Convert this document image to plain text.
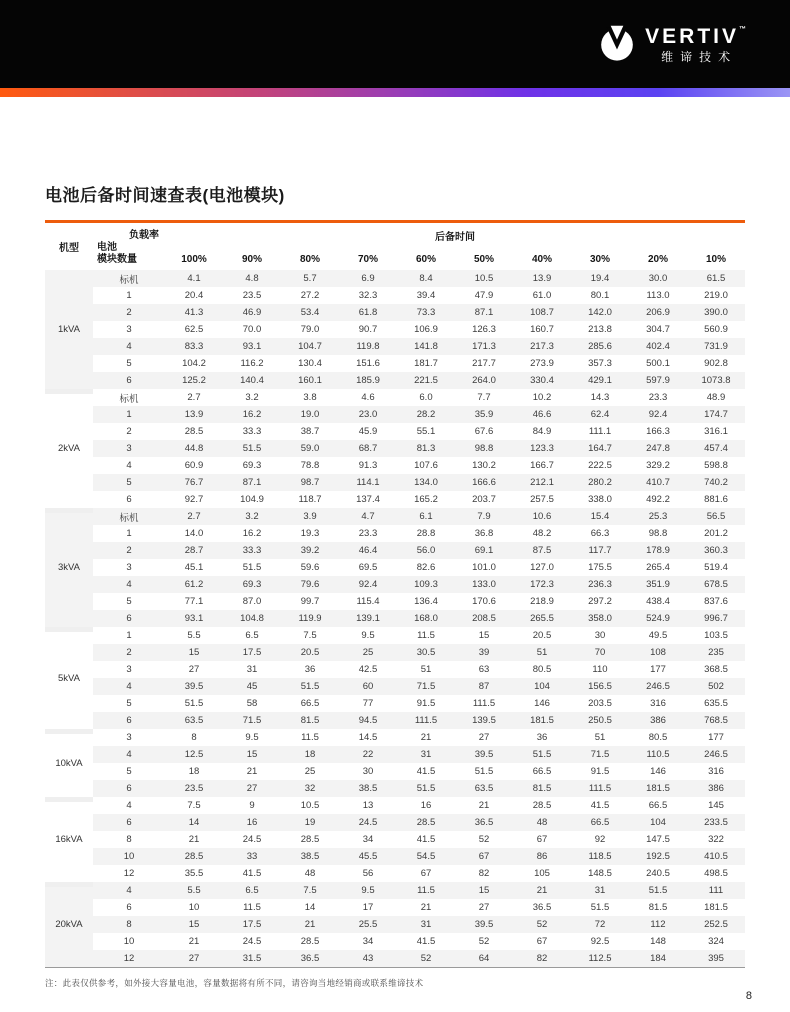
VERTIV™
维谛技术
电池后备时间速查表(电池模块)
机型	负载率
电池
模块数量	后备时间									
		100%	90%	80%	70%	60%	50%	40%	30%	20%	10%
1kVA	标机	4.1	4.8	5.7	6.9	8.4	10.5	13.9	19.4	30.0	61.5
	1	20.4	23.5	27.2	32.3	39.4	47.9	61.0	80.1	113.0	219.0
	2	41.3	46.9	53.4	61.8	73.3	87.1	108.7	142.0	206.9	390.0
	3	62.5	70.0	79.0	90.7	106.9	126.3	160.7	213.8	304.7	560.9
	4	83.3	93.1	104.7	119.8	141.8	171.3	217.3	285.6	402.4	731.9
	5	104.2	116.2	130.4	151.6	181.7	217.7	273.9	357.3	500.1	902.8
	6	125.2	140.4	160.1	185.9	221.5	264.0	330.4	429.1	597.9	1073.8
2kVA	标机	2.7	3.2	3.8	4.6	6.0	7.7	10.2	14.3	23.3	48.9
	1	13.9	16.2	19.0	23.0	28.2	35.9	46.6	62.4	92.4	174.7
	2	28.5	33.3	38.7	45.9	55.1	67.6	84.9	111.1	166.3	316.1
	3	44.8	51.5	59.0	68.7	81.3	98.8	123.3	164.7	247.8	457.4
	4	60.9	69.3	78.8	91.3	107.6	130.2	166.7	222.5	329.2	598.8
	5	76.7	87.1	98.7	114.1	134.0	166.6	212.1	280.2	410.7	740.2
	6	92.7	104.9	118.7	137.4	165.2	203.7	257.5	338.0	492.2	881.6
3kVA	标机	2.7	3.2	3.9	4.7	6.1	7.9	10.6	15.4	25.3	56.5
	1	14.0	16.2	19.3	23.3	28.8	36.8	48.2	66.3	98.8	201.2
	2	28.7	33.3	39.2	46.4	56.0	69.1	87.5	117.7	178.9	360.3
	3	45.1	51.5	59.6	69.5	82.6	101.0	127.0	175.5	265.4	519.4
	4	61.2	69.3	79.6	92.4	109.3	133.0	172.3	236.3	351.9	678.5
	5	77.1	87.0	99.7	115.4	136.4	170.6	218.9	297.2	438.4	837.6
	6	93.1	104.8	119.9	139.1	168.0	208.5	265.5	358.0	524.9	996.7
5kVA	1	5.5	6.5	7.5	9.5	11.5	15	20.5	30	49.5	103.5
	2	15	17.5	20.5	25	30.5	39	51	70	108	235
	3	27	31	36	42.5	51	63	80.5	110	177	368.5
	4	39.5	45	51.5	60	71.5	87	104	156.5	246.5	502
	5	51.5	58	66.5	77	91.5	111.5	146	203.5	316	635.5
	6	63.5	71.5	81.5	94.5	111.5	139.5	181.5	250.5	386	768.5
10kVA	3	8	9.5	11.5	14.5	21	27	36	51	80.5	177
	4	12.5	15	18	22	31	39.5	51.5	71.5	110.5	246.5
	5	18	21	25	30	41.5	51.5	66.5	91.5	146	316
	6	23.5	27	32	38.5	51.5	63.5	81.5	111.5	181.5	386
16kVA	4	7.5	9	10.5	13	16	21	28.5	41.5	66.5	145
	6	14	16	19	24.5	28.5	36.5	48	66.5	104	233.5
	8	21	24.5	28.5	34	41.5	52	67	92	147.5	322
	10	28.5	33	38.5	45.5	54.5	67	86	118.5	192.5	410.5
	12	35.5	41.5	48	56	67	82	105	148.5	240.5	498.5
20kVA	4	5.5	6.5	7.5	9.5	11.5	15	21	31	51.5	111
	6	10	11.5	14	17	21	27	36.5	51.5	81.5	181.5
	8	15	17.5	21	25.5	31	39.5	52	72	112	252.5
	10	21	24.5	28.5	34	41.5	52	67	92.5	148	324
	12	27	31.5	36.5	43	52	64	82	112.5	184	395
注：此表仅供参考，如外接大容量电池，容量数据将有所不同，请咨询当地经销商或联系维谛技术
8
